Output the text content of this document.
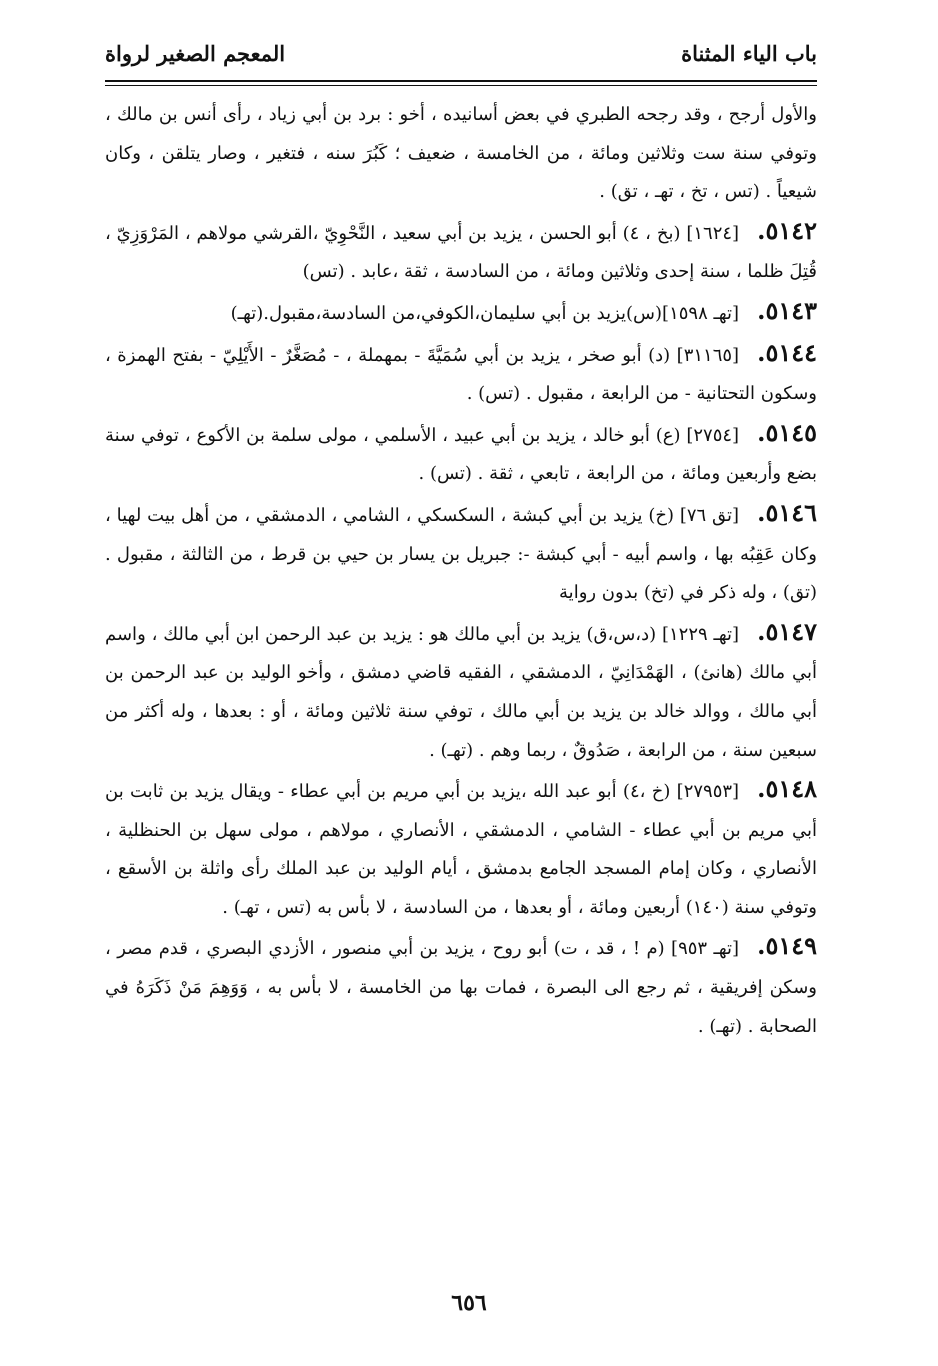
المعجم الصغير لرواة	باب الياء المثناة

والأول أرجح ، وقد رجحه الطبري في بعض أسانيده ، أخو : برد بن أبي زياد ، رأى أنس بن مالك ، وتوفي سنة ست وثلاثين ومائة ، من الخامسة ، ضعيف ؛ كَبُرَ سنه ، فتغير ، وصار يتلقن ، وكان شيعياً . (تس ، تخ ، تهـ ، تق) .

٥١٤٢.[١٦٢٤] (بخ ، ٤) أبو الحسن ، يزيد بن أبي سعيد ، النَّحْوِيّ ،القرشي مولاهم ، المَرْوَزِيّ ، قُتِلَ ظلما ، سنة إحدى وثلاثين ومائة ، من السادسة ، ثقة ،عابد . (تس)

٥١٤٣.[تهـ ١٥٩٨](س)يزيد بن أبي سليمان،الكوفي،من السادسة،مقبول.(تهـ)

٥١٤٤.[٣١١٦٥] (د) أبو صخر ، يزيد بن أبي سُمَيَّةَ - بمهملة ، - مُصَغَّرٌ - الأَيْلِيّ - بفتح الهمزة ، وسكون التحتانية - من الرابعة ، مقبول . (تس) .

٥١٤٥.[٢٧٥٤] (ع) أبو خالد ، يزيد بن أبي عبيد ، الأسلمي ، مولى سلمة بن الأكوع ، توفي سنة بضع وأربعين ومائة ، من الرابعة ، تابعي ، ثقة . (تس) .

٥١٤٦.[تق ٧٦] (خ) يزيد بن أبي كبشة ، السكسكي ، الشامي ، الدمشقي ، من أهل بيت لهيا ، وكان عَقِبُه بها ، واسم أبيه - أبي كبشة -: جبريل بن يسار بن حيي بن قرط ، من الثالثة ، مقبول . (تق) ، وله ذكر في (تخ) بدون رواية

٥١٤٧.[تهـ ١٢٢٩] (د،س،ق) يزيد بن أبي مالك هو : يزيد بن عبد الرحمن ابن أبي مالك ، واسم أبي مالك (هانئ) ، الهَمْدَانِيّ ، الدمشقي ، الفقيه قاضي دمشق ، وأخو الوليد بن عبد الرحمن بن أبي مالك ، ووالد خالد بن يزيد بن أبي مالك ، توفي سنة ثلاثين ومائة ، أو : بعدها ، وله أكثر من سبعين سنة ، من الرابعة ، صَدُوقٌ ، ربما وهم . (تهـ) .

٥١٤٨.[٢٧٩٥٣] (خ ،٤) أبو عبد الله ،يزيد بن أبي مريم بن أبي عطاء - ويقال يزيد بن ثابت بن أبي مريم بن أبي عطاء - الشامي ، الدمشقي ، الأنصاري ، مولاهم ، مولى سهل بن الحنظلية ، الأنصاري ، وكان إمام المسجد الجامع بدمشق ، أيام الوليد بن عبد الملك رأى واثلة بن الأسقع ، وتوفي سنة (١٤٠) أربعين ومائة ، أو بعدها ، من السادسة ، لا بأس به (تس ، تهـ) .

٥١٤٩.[تهـ ٩٥٣] (م ! ، قد ، ت) أبو روح ، يزيد بن أبي منصور ، الأزدي البصري ، قدم مصر ، وسكن إفريقية ، ثم رجع الى البصرة ، فمات بها من الخامسة ، لا بأس به ، وَوَهِمَ مَنْ ذَكَرَهُ في الصحابة . (تهـ) .

٦٥٦
